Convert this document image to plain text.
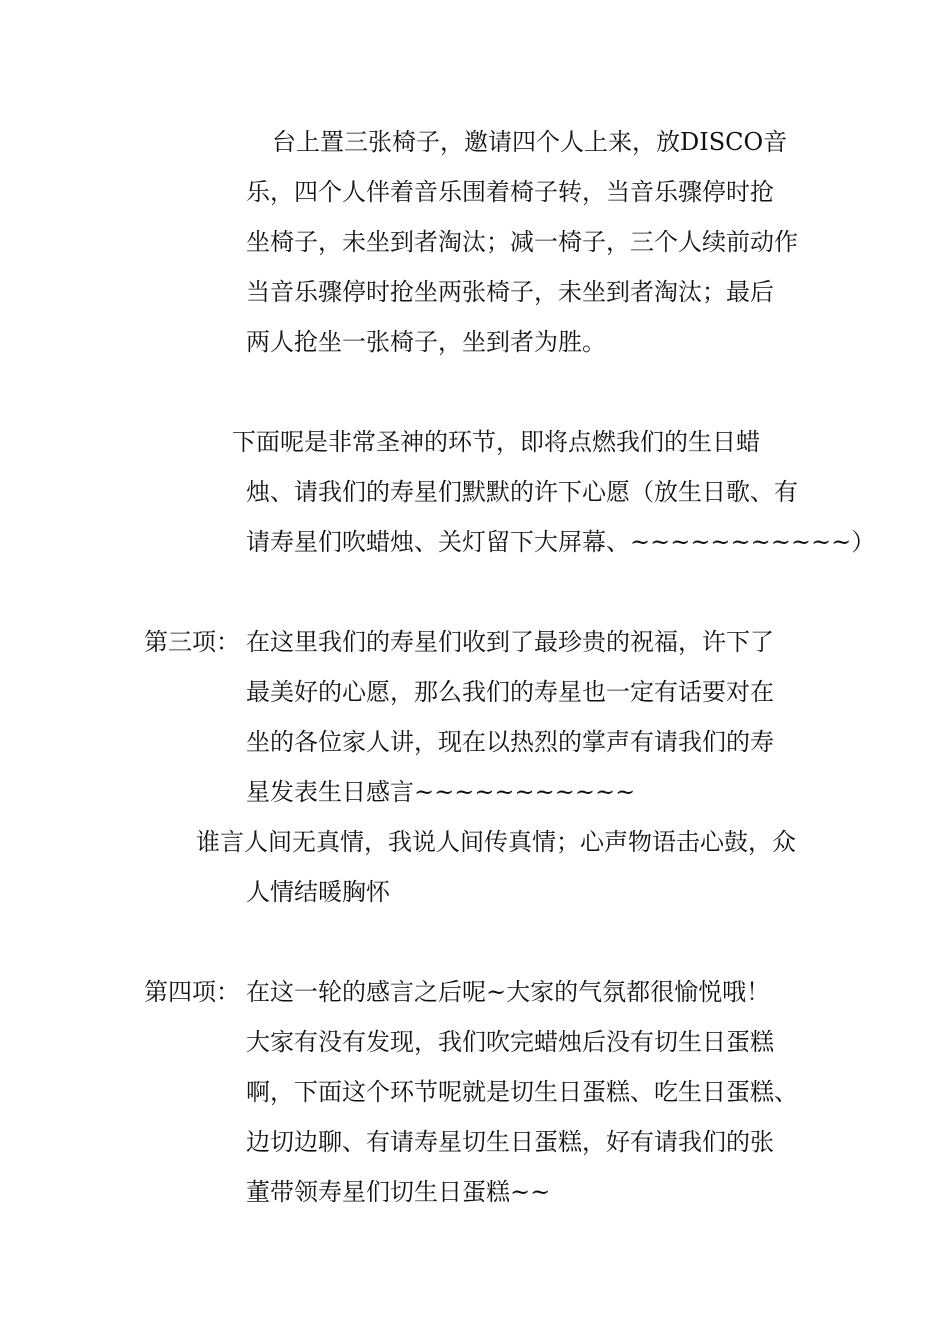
台上置三张椅子，邀请四个人上来，放DISCO音
乐，四个人伴着音乐围着椅子转，当音乐骤停时抢
坐椅子，未坐到者淘汰；减一椅子，三个人续前动作
当音乐骤停时抢坐两张椅子，未坐到者淘汰；最后
两人抢坐一张椅子，坐到者为胜。
下面呢是非常圣神的环节，即将点燃我们的生日蜡
烛、请我们的寿星们默默的许下心愿（放生日歌、有
请寿星们吹蜡烛、关灯留下大屏幕、~~~~~~~~~~~）
第三项： 在这里我们的寿星们收到了最珍贵的祝福，许下了
最美好的心愿，那么我们的寿星也一定有话要对在
坐的各位家人讲，现在以热烈的掌声有请我们的寿
星发表生日感言~~~~~~~~~~~
谁言人间无真情，我说人间传真情；心声物语击心鼓，众
人情结暖胸怀
第四项： 在这一轮的感言之后呢~大家的气氛都很愉悦哦！
大家有没有发现，我们吹完蜡烛后没有切生日蛋糕
啊，下面这个环节呢就是切生日蛋糕、吃生日蛋糕、
边切边聊、有请寿星切生日蛋糕，好有请我们的张
董带领寿星们切生日蛋糕~~
